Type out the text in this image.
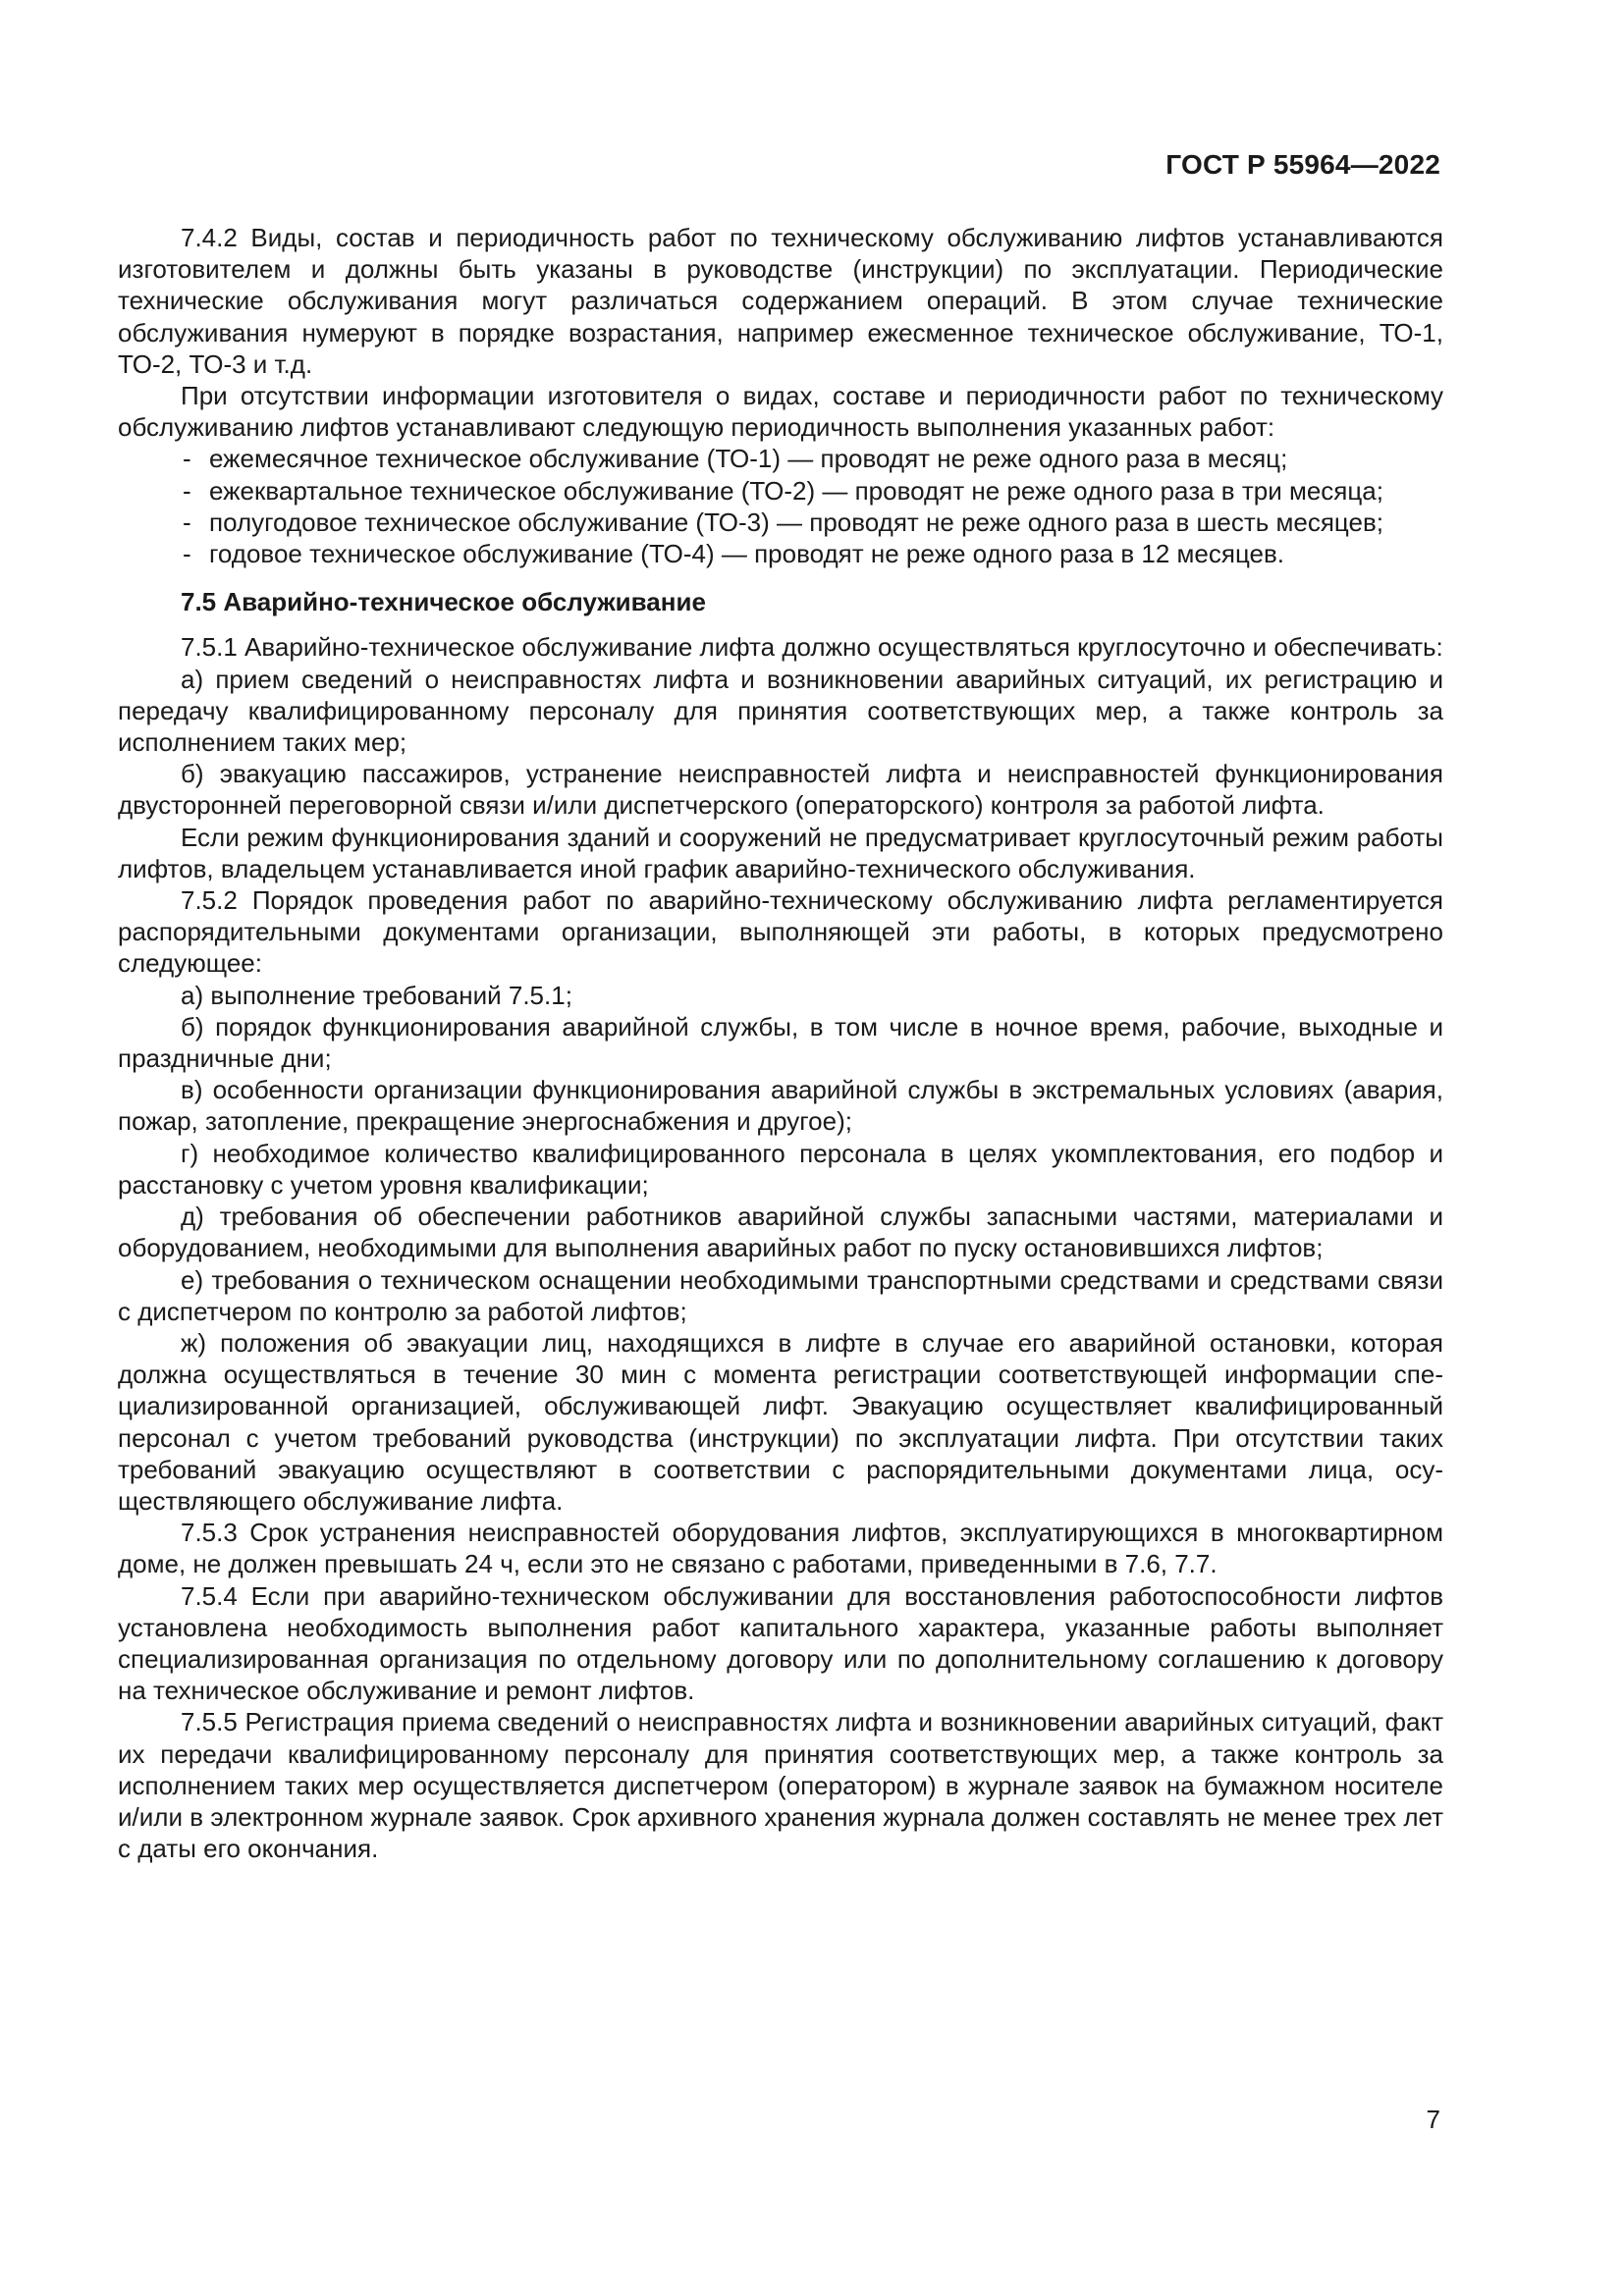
ГОСТ Р 55964—2022

7.4.2 Виды, состав и периодичность работ по техническому обслуживанию лифтов устанавливаются изготовителем и должны быть указаны в руководстве (инструкции) по эксплуатации. Периодические технические обслуживания могут различаться содержанием операций. В этом случае технические обслуживания нумеруют в порядке возрастания, например ежесменное техническое обслуживание, ТО-1, ТО-2, ТО-3 и т.д.

При отсутствии информации изготовителя о видах, составе и периодичности работ по техническому обслуживанию лифтов устанавливают следующую периодичность выполнения указанных работ:

- ежемесячное техническое обслуживание (ТО-1) — проводят не реже одного раза в месяц;
- ежеквартальное техническое обслуживание (ТО-2) — проводят не реже одного раза в три месяца;
- полугодовое техническое обслуживание (ТО-3) — проводят не реже одного раза в шесть месяцев;
- годовое техническое обслуживание (ТО-4) — проводят не реже одного раза в 12 месяцев.

7.5 Аварийно-техническое обслуживание

7.5.1 Аварийно-техническое обслуживание лифта должно осуществляться круглосуточно и обеспечивать:

а) прием сведений о неисправностях лифта и возникновении аварийных ситуаций, их регистрацию и передачу квалифицированному персоналу для принятия соответствующих мер, а также контроль за исполнением таких мер;

б) эвакуацию пассажиров, устранение неисправностей лифта и неисправностей функционирования двусторонней переговорной связи и/или диспетчерского (операторского) контроля за работой лифта.

Если режим функционирования зданий и сооружений не предусматривает круглосуточный режим работы лифтов, владельцем устанавливается иной график аварийно-технического обслуживания.

7.5.2 Порядок проведения работ по аварийно-техническому обслуживанию лифта регламентируется распорядительными документами организации, выполняющей эти работы, в которых предусмотрено следующее:

а) выполнение требований 7.5.1;

б) порядок функционирования аварийной службы, в том числе в ночное время, рабочие, выходные и праздничные дни;

в) особенности организации функционирования аварийной службы в экстремальных условиях (авария, пожар, затопление, прекращение энергоснабжения и другое);

г) необходимое количество квалифицированного персонала в целях укомплектования, его подбор и расстановку с учетом уровня квалификации;

д) требования об обеспечении работников аварийной службы запасными частями, материалами и оборудованием, необходимыми для выполнения аварийных работ по пуску остановившихся лифтов;

е) требования о техническом оснащении необходимыми транспортными средствами и средствами связи с диспетчером по контролю за работой лифтов;

ж) положения об эвакуации лиц, находящихся в лифте в случае его аварийной остановки, которая должна осуществляться в течение 30 мин с момента регистрации соответствующей информации специализированной организацией, обслуживающей лифт. Эвакуацию осуществляет квалифицированный персонал с учетом требований руководства (инструкции) по эксплуатации лифта. При отсутствии таких требований эвакуацию осуществляют в соответствии с распорядительными документами лица, осуществляющего обслуживание лифта.

7.5.3 Срок устранения неисправностей оборудования лифтов, эксплуатирующихся в многоквартирном доме, не должен превышать 24 ч, если это не связано с работами, приведенными в 7.6, 7.7.

7.5.4 Если при аварийно-техническом обслуживании для восстановления работоспособности лифтов установлена необходимость выполнения работ капитального характера, указанные работы выполняет специализированная организация по отдельному договору или по дополнительному соглашению к договору на техническое обслуживание и ремонт лифтов.

7.5.5 Регистрация приема сведений о неисправностях лифта и возникновении аварийных ситуаций, факт их передачи квалифицированному персоналу для принятия соответствующих мер, а также контроль за исполнением таких мер осуществляется диспетчером (оператором) в журнале заявок на бумажном носителе и/или в электронном журнале заявок. Срок архивного хранения журнала должен составлять не менее трех лет с даты его окончания.

7
